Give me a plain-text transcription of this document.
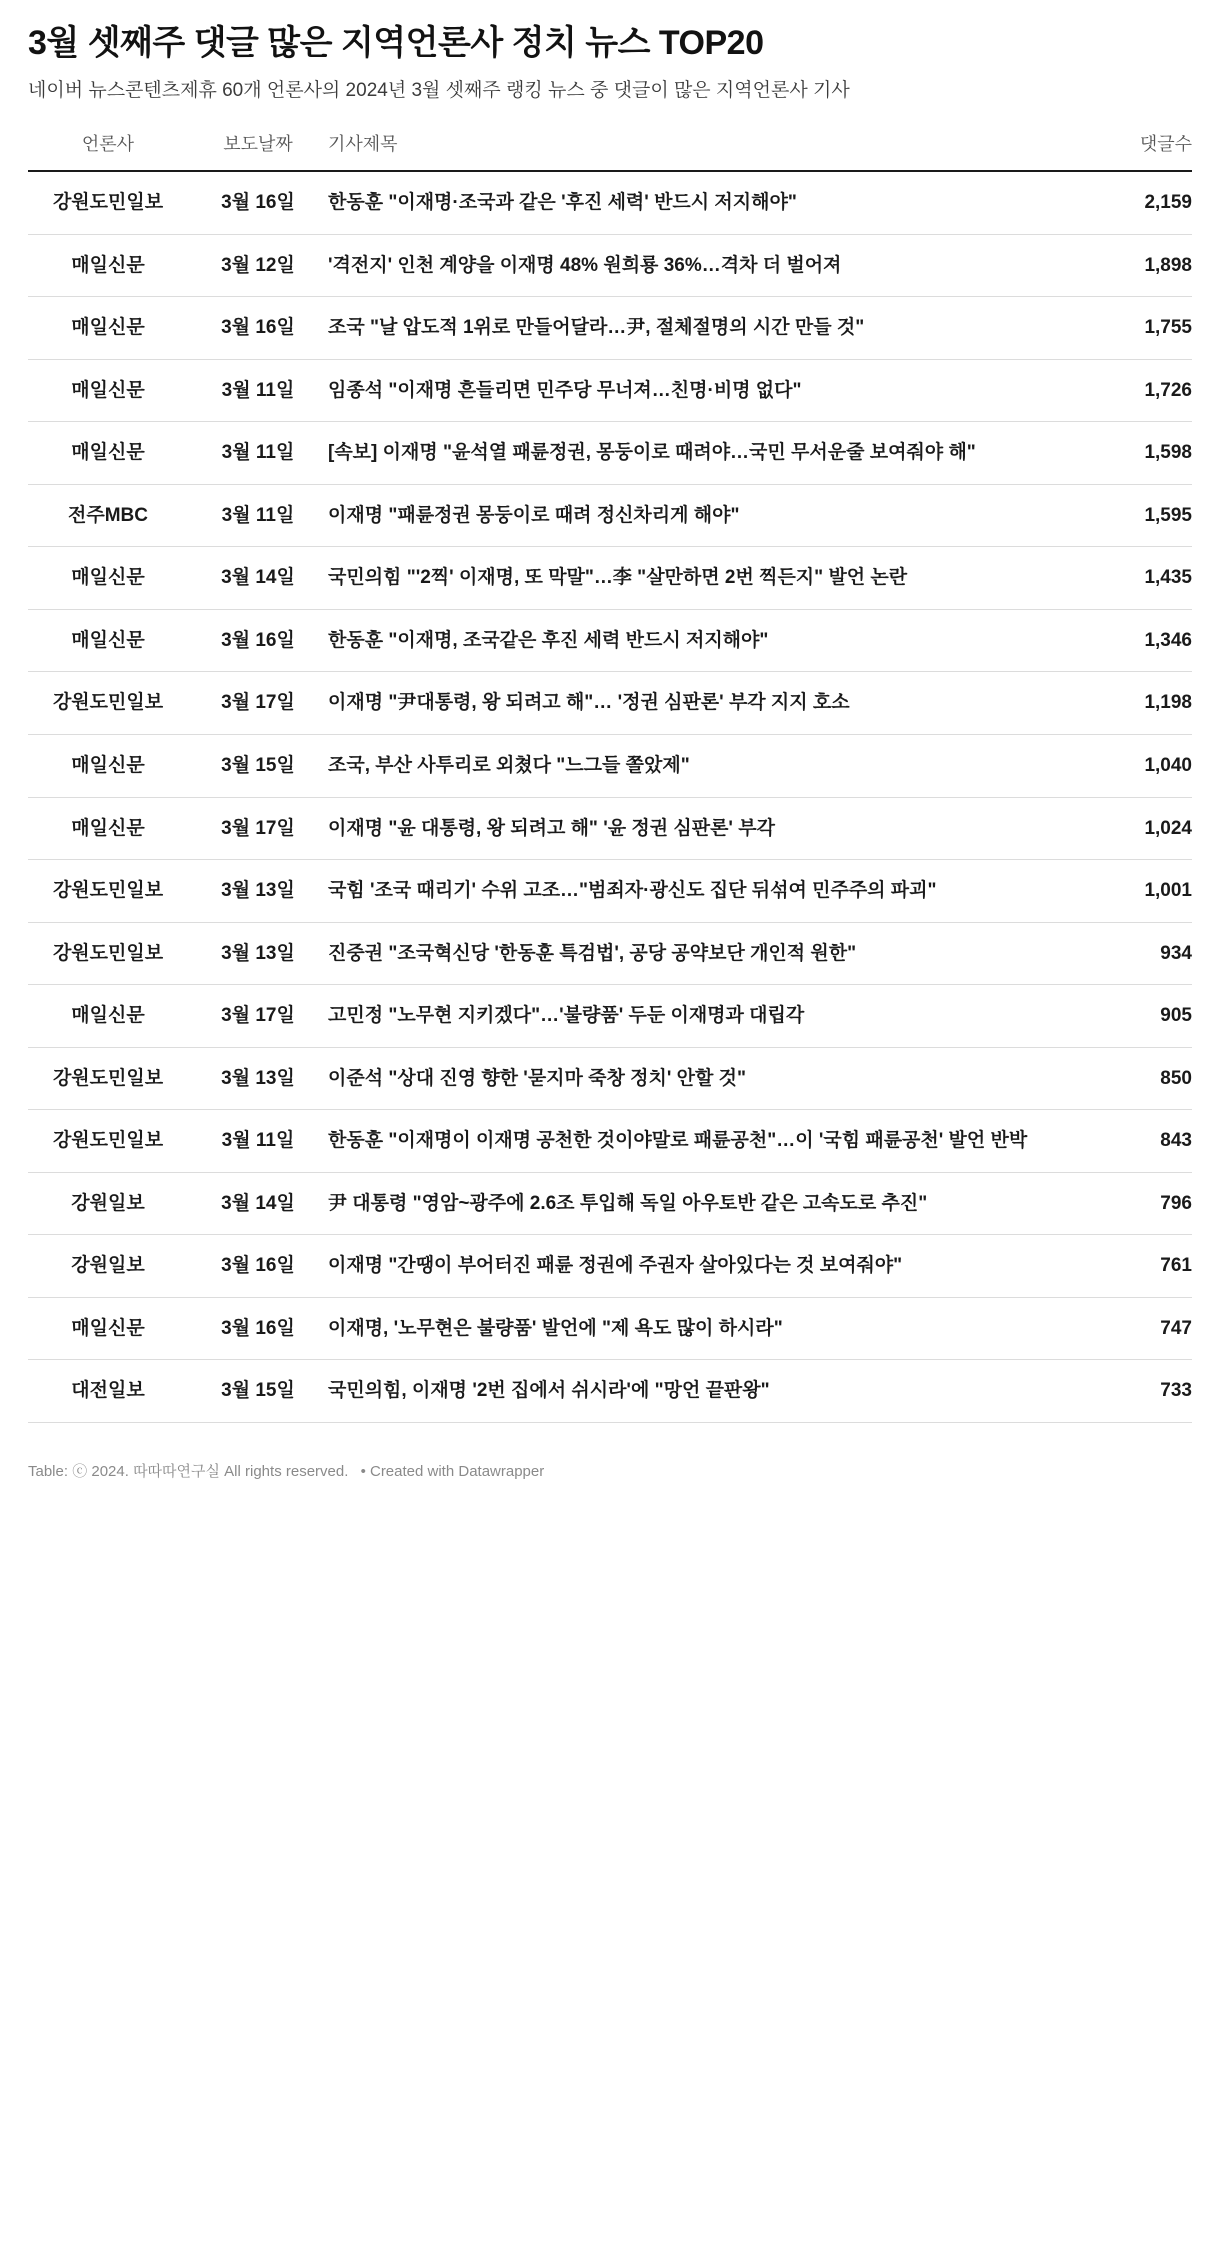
3월 셋째주 댓글 많은 지역언론사 정치 뉴스 TOP20

네이버 뉴스콘텐츠제휴 60개 언론사의 2024년 3월 셋째주 랭킹 뉴스 중 댓글이 많은 지역언론사 기사

언론사	보도날짜	기사제목	댓글수
강원도민일보	3월 16일	한동훈 "이재명·조국과 같은 '후진 세력' 반드시 저지해야"	2,159
매일신문	3월 12일	'격전지' 인천 계양을 이재명 48% 원희룡 36%…격차 더 벌어져	1,898
매일신문	3월 16일	조국 "날 압도적 1위로 만들어달라…尹, 절체절명의 시간 만들 것"	1,755
매일신문	3월 11일	임종석 "이재명 흔들리면 민주당 무너져…친명·비명 없다"	1,726
매일신문	3월 11일	[속보] 이재명 "윤석열 패륜정권, 몽둥이로 때려야…국민 무서운줄 보여줘야 해"	1,598
전주MBC	3월 11일	이재명 "패륜정권 몽둥이로 때려 정신차리게 해야"	1,595
매일신문	3월 14일	국민의힘 "'2찍' 이재명, 또 막말"…李 "살만하면 2번 찍든지" 발언 논란	1,435
매일신문	3월 16일	한동훈 "이재명, 조국같은 후진 세력 반드시 저지해야"	1,346
강원도민일보	3월 17일	이재명 "尹대통령, 왕 되려고 해"… '정권 심판론' 부각 지지 호소	1,198
매일신문	3월 15일	조국, 부산 사투리로 외쳤다 "느그들 쫄았제"	1,040
매일신문	3월 17일	이재명 "윤 대통령, 왕 되려고 해" '윤 정권 심판론' 부각	1,024
강원도민일보	3월 13일	국힘 '조국 때리기' 수위 고조…"범죄자·광신도 집단 뒤섞여 민주주의 파괴"	1,001
강원도민일보	3월 13일	진중권 "조국혁신당 '한동훈 특검법', 공당 공약보단 개인적 원한"	934
매일신문	3월 17일	고민정 "노무현 지키겠다"…'불량품' 두둔 이재명과 대립각	905
강원도민일보	3월 13일	이준석 "상대 진영 향한 '묻지마 죽창 정치' 안할 것"	850
강원도민일보	3월 11일	한동훈 "이재명이 이재명 공천한 것이야말로 패륜공천"…이 '국힘 패륜공천' 발언 반박	843
강원일보	3월 14일	尹 대통령 "영암~광주에 2.6조 투입해 독일 아우토반 같은 고속도로 추진"	796
강원일보	3월 16일	이재명 "간땡이 부어터진 패륜 정권에 주권자 살아있다는 것 보여줘야"	761
매일신문	3월 16일	이재명, '노무현은 불량품' 발언에 "제 욕도 많이 하시라"	747
대전일보	3월 15일	국민의힘, 이재명 '2번 집에서 쉬시라'에 "망언 끝판왕"	733
Table: ⓒ 2024. 따따따연구실 All rights reserved. • Created with Datawrapper
